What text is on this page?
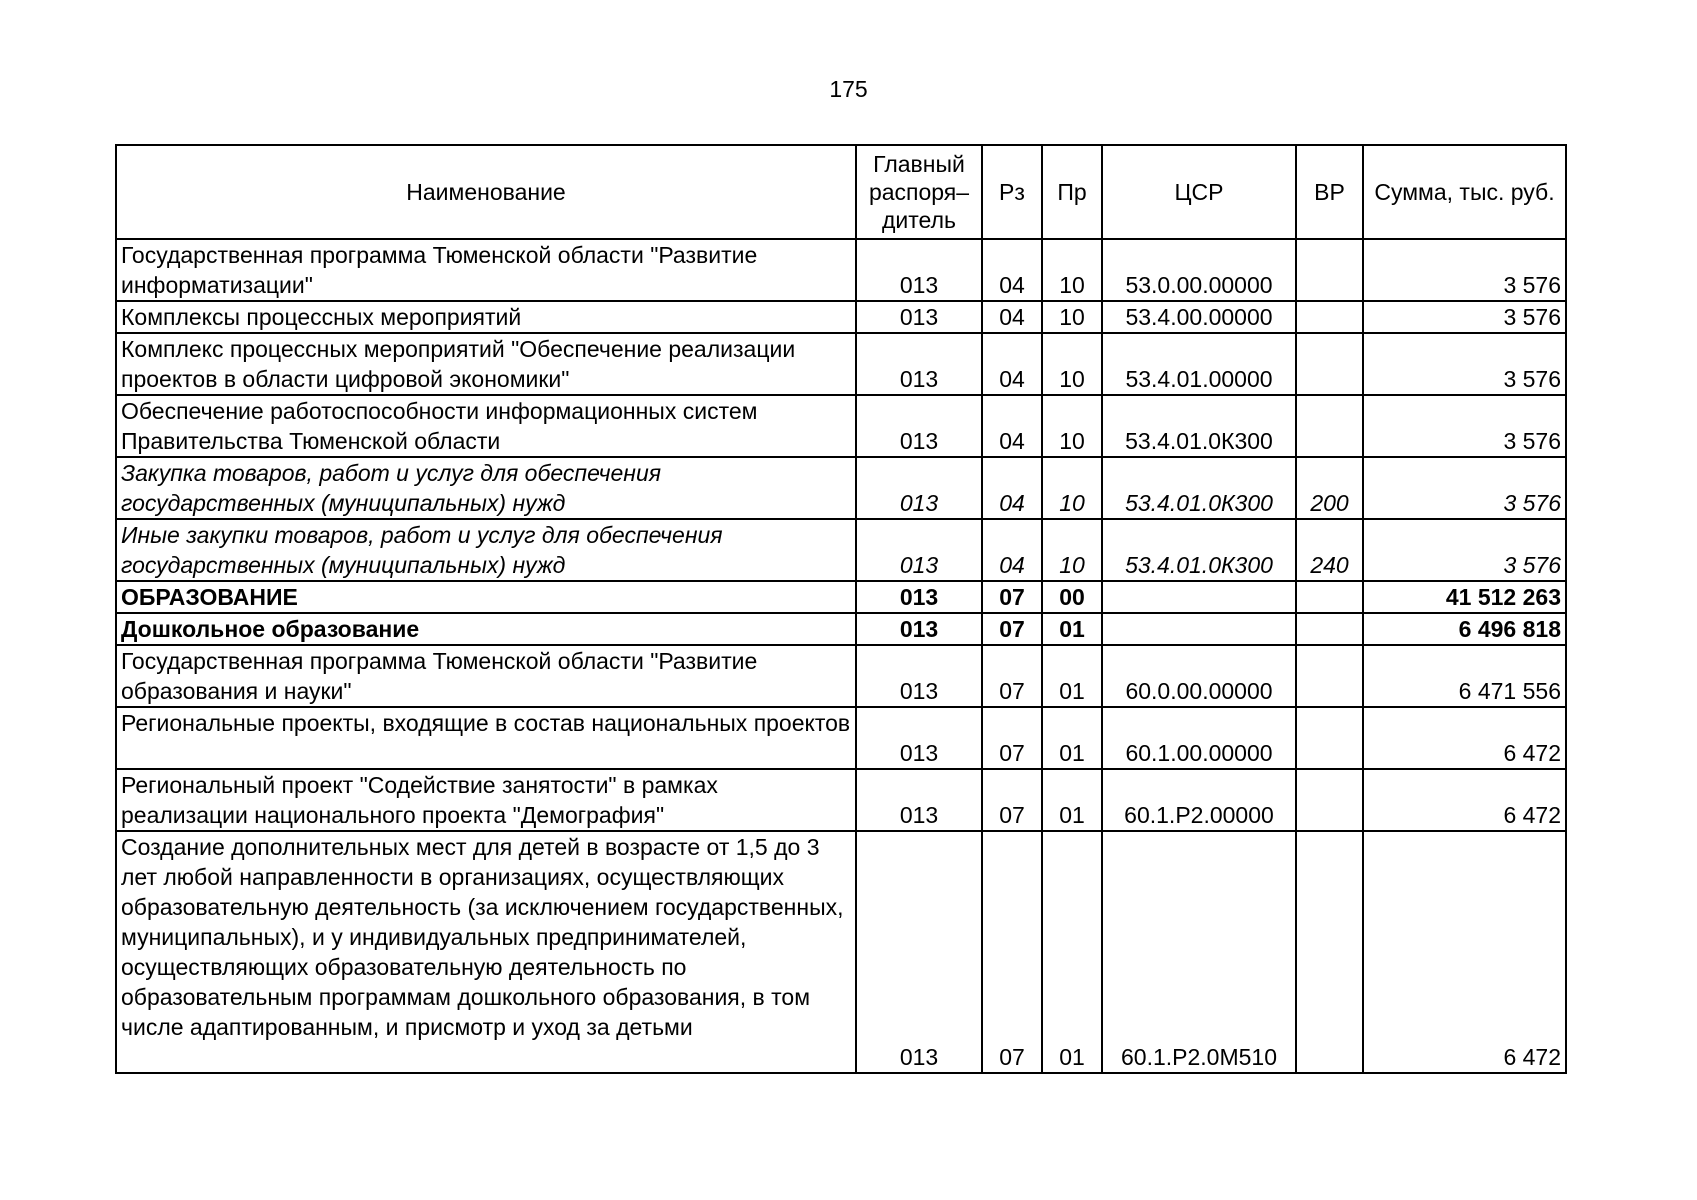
175
Наименование	Главный распоря–дитель	Рз	Пр	ЦСР	ВР	Сумма, тыс. руб.
Государственная программа Тюменской области "Развитие информатизации"	013	04	10	53.0.00.00000		3 576
Комплексы процессных мероприятий	013	04	10	53.4.00.00000		3 576
Комплекс процессных мероприятий "Обеспечение реализации проектов в области цифровой экономики"	013	04	10	53.4.01.00000		3 576
Обеспечение работоспособности информационных систем Правительства Тюменской области	013	04	10	53.4.01.0К300		3 576
Закупка товаров, работ и услуг для обеспечения государственных (муниципальных) нужд	013	04	10	53.4.01.0К300	200	3 576
Иные закупки товаров, работ и услуг для обеспечения государственных (муниципальных) нужд	013	04	10	53.4.01.0К300	240	3 576
ОБРАЗОВАНИЕ	013	07	00			41 512 263
Дошкольное образование	013	07	01			6 496 818
Государственная программа Тюменской области "Развитие образования и науки"	013	07	01	60.0.00.00000		6 471 556
Региональные проекты, входящие в состав национальных проектов	013	07	01	60.1.00.00000		6 472
Региональный проект "Содействие занятости" в рамках реализации национального проекта "Демография"	013	07	01	60.1.Р2.00000		6 472
Создание дополнительных мест для детей в возрасте от 1,5 до 3 лет любой направленности в организациях, осуществляющих образовательную деятельность (за исключением государственных, муниципальных), и у индивидуальных предпринимателей, осуществляющих образовательную деятельность по образовательным программам дошкольного образования, в том числе адаптированным, и присмотр и уход за детьми	013	07	01	60.1.Р2.0М510		6 472
